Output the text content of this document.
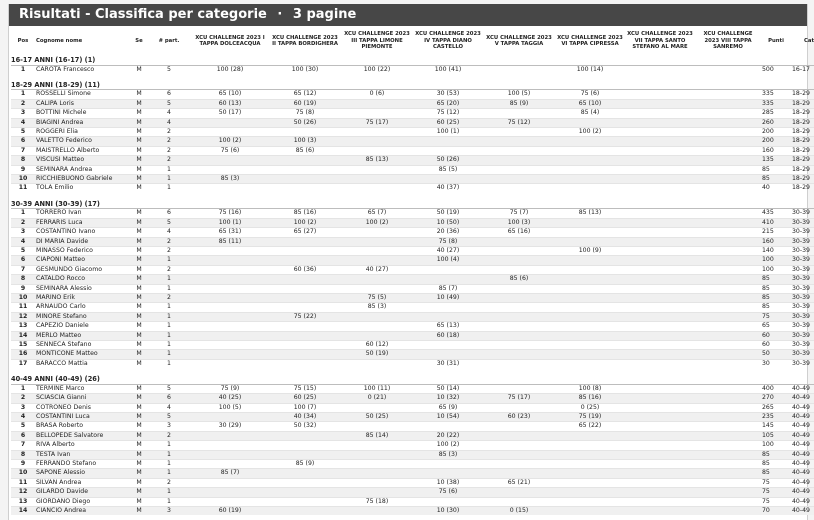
Risultati - Classifica per categorie · 3 pagine
Pos	Cognome nome	Se	# part.	XCU CHALLENGE 2023 I TAPPA DOLCEACQUA	XCU CHALLENGE 2023 II TAPPA BORDIGHERA	XCU CHALLENGE 2023 III TAPPA LIMONE PIEMONTE	XCU CHALLENGE 2023 IV TAPPA DIANO CASTELLO	XCU CHALLENGE 2023 V TAPPA TAGGIA	XCU CHALLENGE 2023 VI TAPPA CIPRESSA	XCU CHALLENGE 2023 VII TAPPA SANTO STEFANO AL MARE	XCU CHALLENGE 2023 VIII TAPPA SANREMO	Punti	Cat
16-17 ANNI (16-17) (1)													
1	CAROTA Francesco	M	5	100 (28)	100 (30)	100 (22)	100 (41)		100 (14)			500	16-17

18-29 ANNI (18-29) (11)													
1	ROSSELLI Simone	M	6	65 (10)	65 (12)	0 (6)	30 (53)	100 (5)	75 (6)			335	18-29
2	CALIPA Loris	M	5	60 (13)	60 (19)		65 (20)	85 (9)	65 (10)			335	18-29
3	BOTTINI Michele	M	4	50 (17)	75 (8)		75 (12)		85 (4)			285	18-29
4	BIAGINI Andrea	M	4		50 (26)	75 (17)	60 (25)	75 (12)				260	18-29
5	ROGGERI Elia	M	2				100 (1)		100 (2)			200	18-29
6	VALETTO Federico	M	2	100 (2)	100 (3)							200	18-29
7	MAISTRELLO Alberto	M	2	75 (6)	85 (6)							160	18-29
8	VISCUSI Matteo	M	2			85 (13)	50 (26)					135	18-29
9	SEMINARA Andrea	M	1				85 (5)					85	18-29
10	RICCHIEBUONO Gabriele	M	1	85 (3)								85	18-29
11	TOLA Emilio	M	1				40 (37)					40	18-29

30-39 ANNI (30-39) (17)													
1	TORRERO Ivan	M	6	75 (16)	85 (16)	65 (7)	50 (19)	75 (7)	85 (13)			435	30-39
2	FERRARIS Luca	M	5	100 (1)	100 (2)	100 (2)	10 (50)	100 (3)				410	30-39
3	COSTANTINO Ivano	M	4	65 (31)	65 (27)		20 (36)	65 (16)				215	30-39
4	DI MARIA Davide	M	2	85 (11)			75 (8)					160	30-39
5	MINASSO Federico	M	2				40 (27)		100 (9)			140	30-39
6	CIAPONI Matteo	M	1				100 (4)					100	30-39
7	GESMUNDO Giacomo	M	2		60 (36)	40 (27)						100	30-39
8	CATALDO Rocco	M	1					85 (6)				85	30-39
9	SEMINARA Alessio	M	1				85 (7)					85	30-39
10	MARINO Erik	M	2			75 (5)	10 (49)					85	30-39
11	ARNAUDO Carlo	M	1			85 (3)						85	30-39
12	MINORE Stefano	M	1		75 (22)							75	30-39
13	CAPEZIO Daniele	M	1				65 (13)					65	30-39
14	MERLO Matteo	M	1				60 (18)					60	30-39
15	SENNECA Stefano	M	1			60 (12)						60	30-39
16	MONTICONE Matteo	M	1			50 (19)						50	30-39
17	BARACCO Mattia	M	1				30 (31)					30	30-39

40-49 ANNI (40-49) (26)													
1	TERMINE Marco	M	5	75 (9)	75 (15)	100 (11)	50 (14)		100 (8)			400	40-49
2	SCIASCIA Gianni	M	6	40 (25)	60 (25)	0 (21)	10 (32)	75 (17)	85 (16)			270	40-49
3	COTRONEO Denis	M	4	100 (5)	100 (7)		65 (9)		0 (25)			265	40-49
4	COSTANTINI Luca	M	5		40 (34)	50 (25)	10 (54)	60 (23)	75 (19)			235	40-49
5	BRASA Roberto	M	3	30 (29)	50 (32)				65 (22)			145	40-49
6	BELLOPEDE Salvatore	M	2			85 (14)	20 (22)					105	40-49
7	RIVA Alberto	M	1				100 (2)					100	40-49
8	TESTA Ivan	M	1				85 (3)					85	40-49
9	FERRANDO Stefano	M	1		85 (9)							85	40-49
10	SAPONE Alessio	M	1	85 (7)								85	40-49
11	SILVAN Andrea	M	2				10 (38)	65 (21)				75	40-49
12	GILARDO Davide	M	1				75 (6)					75	40-49
13	GIORDANO Diego	M	1			75 (18)						75	40-49
14	CIANCIO Andrea	M	3	60 (19)			10 (30)	0 (15)				70	40-49
